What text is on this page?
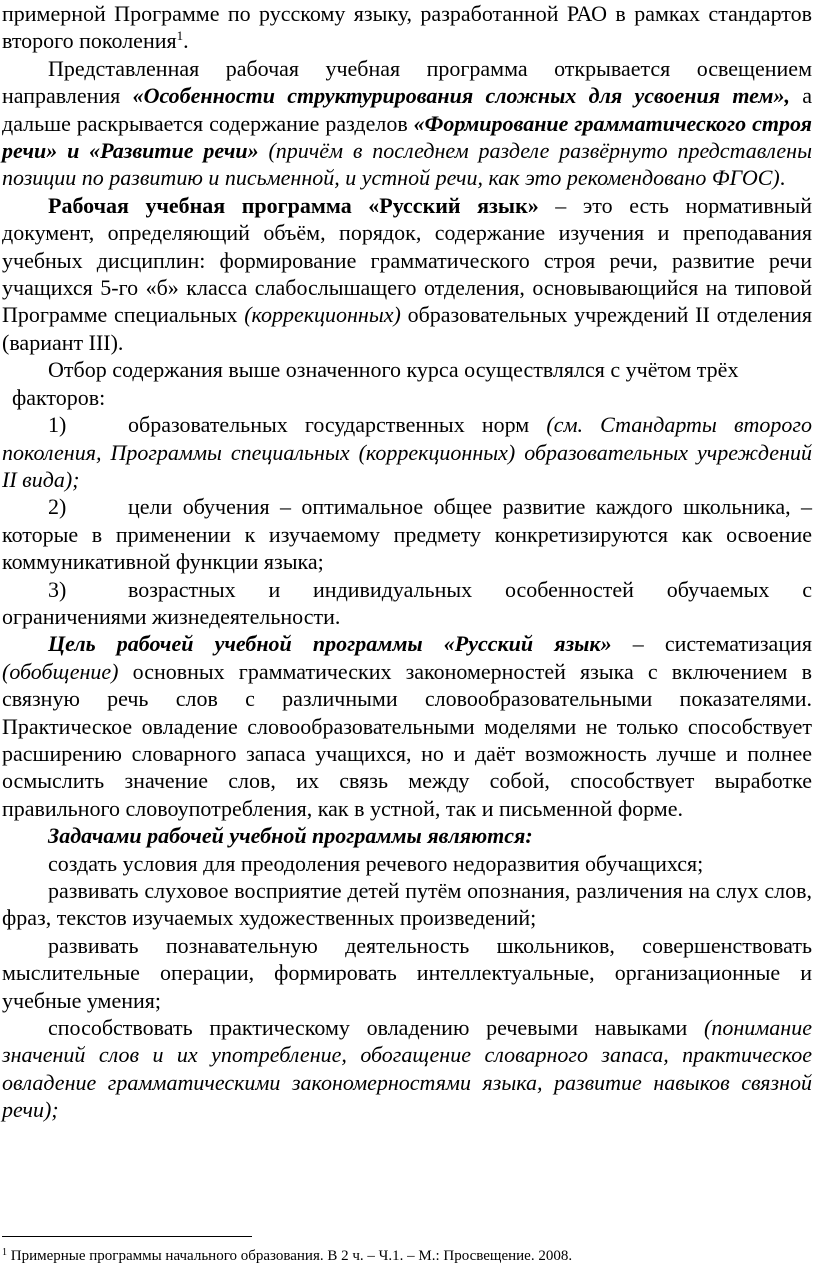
примерной Программе по русскому языку, разработанной РАО в рамках стандартов второго поколения$^1$.

Представленная рабочая учебная программа открывается освещением направления «Особенности структурирования сложных для усвоения тем», а дальше раскрывается содержание разделов «Формирование грамматического строя речи» и «Развитие речи» (причём в последнем разделе развёрнуто представлены позиции по развитию и письменной, и устной речи, как это рекомендовано ФГОС).

Рабочая учебная программа «Русский язык» – это есть нормативный документ, определяющий объём, порядок, содержание изучения и преподавания учебных дисциплин: формирование грамматического строя речи, развитие речи учащихся 5-го «б» класса слабослышащего отделения, основывающийся на типовой Программе специальных (коррекционных) образовательных учреждений II отделения (вариант III).

Отбор содержания выше означенного курса осуществлялся с учётом трёх
факторов:

1)	образовательных государственных норм (см. Стандарты второго поколения, Программы специальных (коррекционных) образовательных учреждений II вида);

2)	цели обучения – оптимальное общее развитие каждого школьника, – которые в применении к изучаемому предмету конкретизируются как освоение коммуникативной функции языка;

3)	возрастных и индивидуальных особенностей обучаемых с ограничениями жизнедеятельности.

Цель рабочей учебной программы «Русский язык» – систематизация (обобщение) основных грамматических закономерностей языка с включением в связную речь слов с различными словообразовательными показателями. Практическое овладение словообразовательными моделями не только способствует расширению словарного запаса учащихся, но и даёт возможность лучше и полнее осмыслить значение слов, их связь между собой, способствует выработке правильного словоупотребления, как в устной, так и письменной форме.

Задачами рабочей учебной программы являются:

создать условия для преодоления речевого недоразвития обучащихся;

развивать слуховое восприятие детей путём опознания, различения на слух слов, фраз, текстов изучаемых художественных произведений;

развивать познавательную деятельность школьников, совершенствовать мыслительные операции, формировать интеллектуальные, организационные и учебные умения;

способствовать практическому овладению речевыми навыками (понимание значений слов и их употребление, обогащение словарного запаса, практическое овладение грамматическими закономерностями языка, развитие навыков связной речи);

$^1$ Примерные программы начального образования. В 2 ч. – Ч.1. – М.: Просвещение. 2008.
